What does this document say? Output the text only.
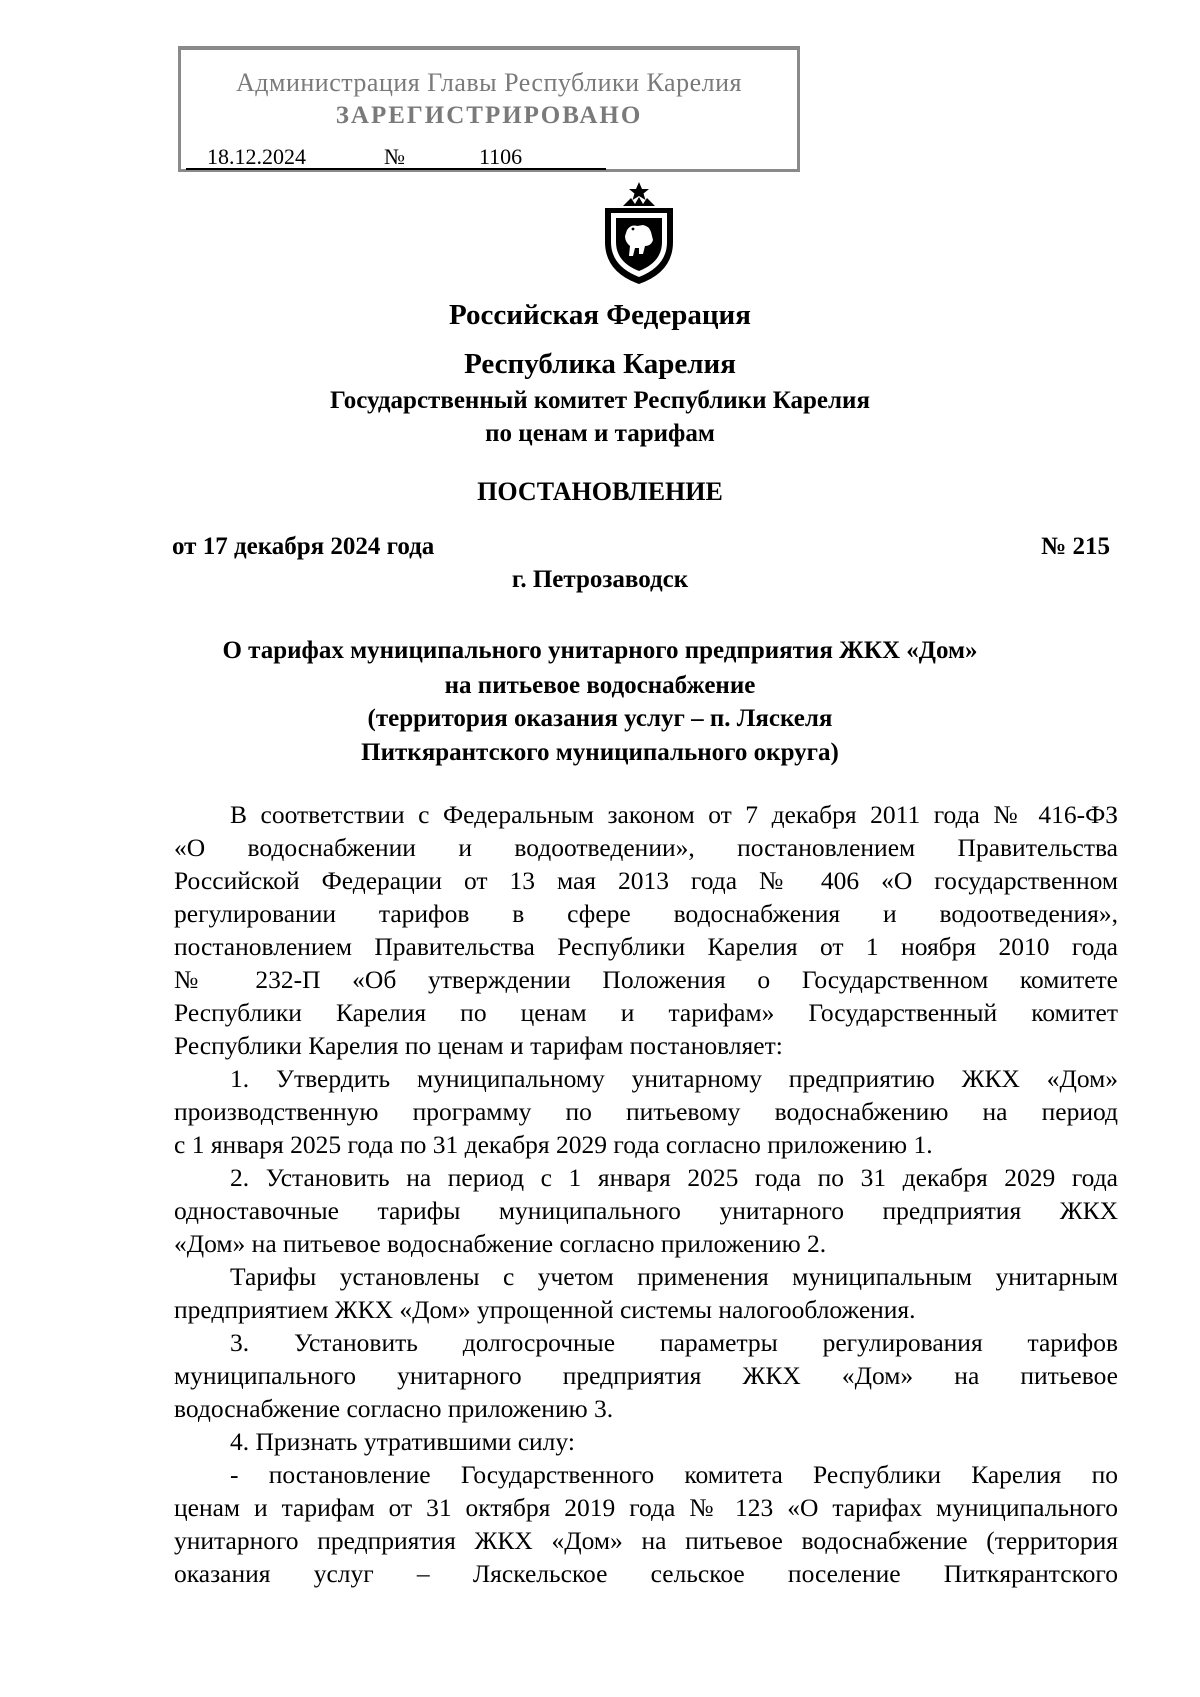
Администрация Главы Республики Карелия
ЗАРЕГИСТРИРОВАНО
18.12.2024	№	1106
Российская Федерация
Республика Карелия
Государственный комитет Республики Карелия
по ценам и тарифам
ПОСТАНОВЛЕНИЕ
от 17 декабря 2024 года	№ 215
г. Петрозаводск
О тарифах муниципального унитарного предприятия ЖКХ «Дом»
на питьевое водоснабжение
(территория оказания услуг – п. Ляскеля
Питкярантского муниципального округа)
В соответствии с Федеральным законом от 7 декабря 2011 года № 416-ФЗ
«О водоснабжении и водоотведении», постановлением Правительства
Российской Федерации от 13 мая 2013 года № 406 «О государственном
регулировании тарифов в сфере водоснабжения и водоотведения»,
постановлением Правительства Республики Карелия от 1 ноября 2010 года
№ 232-П «Об утверждении Положения о Государственном комитете
Республики Карелия по ценам и тарифам» Государственный комитет
Республики Карелия по ценам и тарифам постановляет:
1. Утвердить муниципальному унитарному предприятию ЖКХ «Дом»
производственную программу по питьевому водоснабжению на период
с 1 января 2025 года по 31 декабря 2029 года согласно приложению 1.
2. Установить на период с 1 января 2025 года по 31 декабря 2029 года
одноставочные тарифы муниципального унитарного предприятия ЖКХ
«Дом» на питьевое водоснабжение согласно приложению 2.
Тарифы установлены с учетом применения муниципальным унитарным
предприятием ЖКХ «Дом» упрощенной системы налогообложения.
3. Установить долгосрочные параметры регулирования тарифов
муниципального унитарного предприятия ЖКХ «Дом» на питьевое
водоснабжение согласно приложению 3.
4. Признать утратившими силу:
- постановление Государственного комитета Республики Карелия по
ценам и тарифам от 31 октября 2019 года № 123 «О тарифах муниципального
унитарного предприятия ЖКХ «Дом» на питьевое водоснабжение (территория
оказания услуг – Ляскельское сельское поселение Питкярантского
